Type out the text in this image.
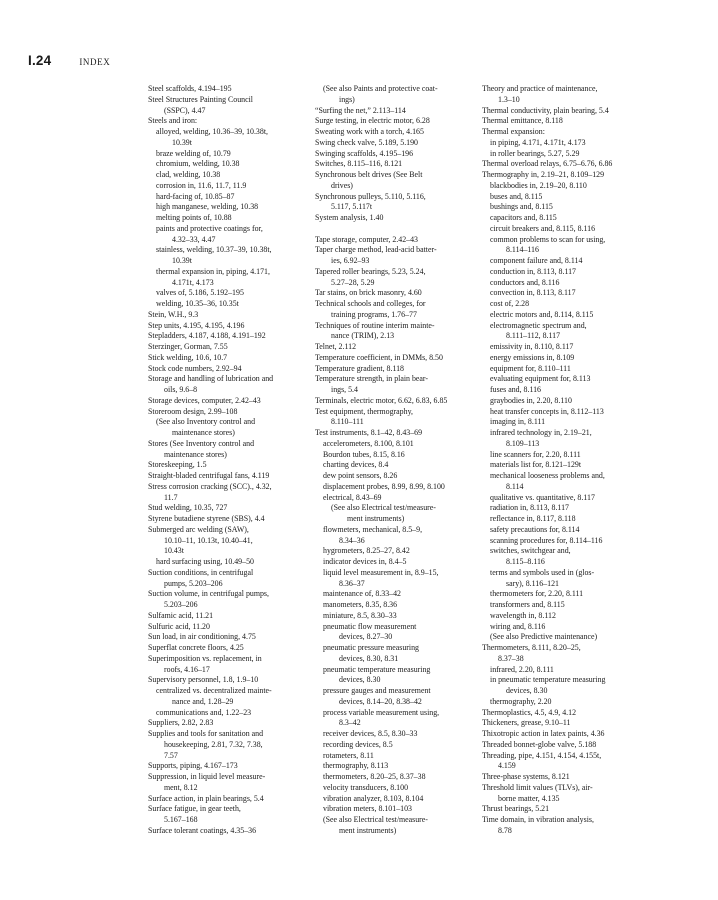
I.24	INDEX
Steel scaffolds, 4.194–195
Steel Structures Painting Council
(SSPC), 4.47
Steels and iron:
alloyed, welding, 10.36–39, 10.38t,
10.39t
braze welding of, 10.79
chromium, welding, 10.38
clad, welding, 10.38
corrosion in, 11.6, 11.7, 11.9
hard-facing of, 10.85–87
high manganese, welding, 10.38
melting points of, 10.88
paints and protective coatings for,
4.32–33, 4.47
stainless, welding, 10.37–39, 10.38t,
10.39t
thermal expansion in, piping, 4.171,
4.171t, 4.173
valves of, 5.186, 5.192–195
welding, 10.35–36, 10.35t
Stein, W.H., 9.3
Step units, 4.195, 4.195, 4.196
Stepladders, 4.187, 4.188, 4.191–192
Sterzinger, Gorman, 7.55
Stick welding, 10.6, 10.7
Stock code numbers, 2.92–94
Storage and handling of lubrication and
oils, 9.6–8
Storage devices, computer, 2.42–43
Storeroom design, 2.99–108
(See also Inventory control and
maintenance stores)
Stores (See Inventory control and
maintenance stores)
Storeskeeping, 1.5
Straight-bladed centrifugal fans, 4.119
Stress corrosion cracking (SCC)., 4.32,
11.7
Stud welding, 10.35, 727
Styrene butadiene styrene (SBS), 4.4
Submerged arc welding (SAW),
10.10–11, 10.13t, 10.40–41,
10.43t
hard surfacing using, 10.49–50
Suction conditions, in centrifugal
pumps, 5.203–206
Suction volume, in centrifugal pumps,
5.203–206
Sulfamic acid, 11.21
Sulfuric acid, 11.20
Sun load, in air conditioning, 4.75
Superflat concrete floors, 4.25
Superimposition vs. replacement, in
roofs, 4.16–17
Supervisory personnel, 1.8, 1.9–10
centralized vs. decentralized mainte-
nance and, 1.28–29
communications and, 1.22–23
Suppliers, 2.82, 2.83
Supplies and tools for sanitation and
housekeeping, 2.81, 7.32, 7.38,
7.57
Supports, piping, 4.167–173
Suppression, in liquid level measure-
ment, 8.12
Surface action, in plain bearings, 5.4
Surface fatigue, in gear teeth,
5.167–168
Surface tolerant coatings, 4.35–36
(See also Paints and protective coat-
ings)
“Surfing the net,” 2.113–114
Surge testing, in electric motor, 6.28
Sweating work with a torch, 4.165
Swing check valve, 5.189, 5.190
Swinging scaffolds, 4.195–196
Switches, 8.115–116, 8.121
Synchronous belt drives (See Belt
drives)
Synchronous pulleys, 5.110, 5.116,
5.117, 5.117t
System analysis, 1.40
Tape storage, computer, 2.42–43
Taper charge method, lead-acid batter-
ies, 6.92–93
Tapered roller bearings, 5.23, 5.24,
5.27–28, 5.29
Tar stains, on brick masonry, 4.60
Technical schools and colleges, for
training programs, 1.76–77
Techniques of routine interim mainte-
nance (TRIM), 2.13
Telnet, 2.112
Temperature coefficient, in DMMs, 8.50
Temperature gradient, 8.118
Temperature strength, in plain bear-
ings, 5.4
Terminals, electric motor, 6.62, 6.83, 6.85
Test equipment, thermography,
8.110–111
Test instruments, 8.1–42, 8.43–69
accelerometers, 8.100, 8.101
Bourdon tubes, 8.15, 8.16
charting devices, 8.4
dew point sensors, 8.26
displacement probes, 8.99, 8.99, 8.100
electrical, 8.43–69
(See also Electrical test/measure-
ment instruments)
flowmeters, mechanical, 8.5–9,
8.34–36
hygrometers, 8.25–27, 8.42
indicator devices in, 8.4–5
liquid level measurement in, 8.9–15,
8.36–37
maintenance of, 8.33–42
manometers, 8.35, 8.36
miniature, 8.5, 8.30–33
pneumatic flow measurement
devices, 8.27–30
pneumatic pressure measuring
devices, 8.30, 8.31
pneumatic temperature measuring
devices, 8.30
pressure gauges and measurement
devices, 8.14–20, 8.38–42
process variable measurement using,
8.3–42
receiver devices, 8.5, 8.30–33
recording devices, 8.5
rotameters, 8.11
thermography, 8.113
thermometers, 8.20–25, 8.37–38
velocity transducers, 8.100
vibration analyzer, 8.103, 8.104
vibration meters, 8.101–103
(See also Electrical test/measure-
ment instruments)
Theory and practice of maintenance,
1.3–10
Thermal conductivity, plain bearing, 5.4
Thermal emittance, 8.118
Thermal expansion:
in piping, 4.171, 4.171t, 4.173
in roller bearings, 5.27, 5.29
Thermal overload relays, 6.75–6.76, 6.86
Thermography in, 2.19–21, 8.109–129
blackbodies in, 2.19–20, 8.110
buses and, 8.115
bushings and, 8.115
capacitors and, 8.115
circuit breakers and, 8.115, 8.116
common problems to scan for using,
8.114–116
component failure and, 8.114
conduction in, 8.113, 8.117
conductors and, 8.116
convection in, 8.113, 8.117
cost of, 2.28
electric motors and, 8.114, 8.115
electromagnetic spectrum and,
8.111–112, 8.117
emissivity in, 8.110, 8.117
energy emissions in, 8.109
equipment for, 8.110–111
evaluating equipment for, 8.113
fuses and, 8.116
graybodies in, 2.20, 8.110
heat transfer concepts in, 8.112–113
imaging in, 8.111
infrared technology in, 2.19–21,
8.109–113
line scanners for, 2.20, 8.111
materials list for, 8.121–129t
mechanical looseness problems and,
8.114
qualitative vs. quantitative, 8.117
radiation in, 8.113, 8.117
reflectance in, 8.117, 8.118
safety precautions for, 8.114
scanning procedures for, 8.114–116
switches, switchgear and,
8.115–8.116
terms and symbols used in (glos-
sary), 8.116–121
thermometers for, 2.20, 8.111
transformers and, 8.115
wavelength in, 8.112
wiring and, 8.116
(See also Predictive maintenance)
Thermometers, 8.111, 8.20–25,
8.37–38
infrared, 2.20, 8.111
in pneumatic temperature measuring
devices, 8.30
thermography, 2.20
Thermoplastics, 4.5, 4.9, 4.12
Thickeners, grease, 9.10–11
Thixotropic action in latex paints, 4.36
Threaded bonnet-globe valve, 5.188
Threading, pipe, 4.151, 4.154, 4.155t,
4.159
Three-phase systems, 8.121
Threshold limit values (TLVs), air-
borne matter, 4.135
Thrust bearings, 5.21
Time domain, in vibration analysis,
8.78
